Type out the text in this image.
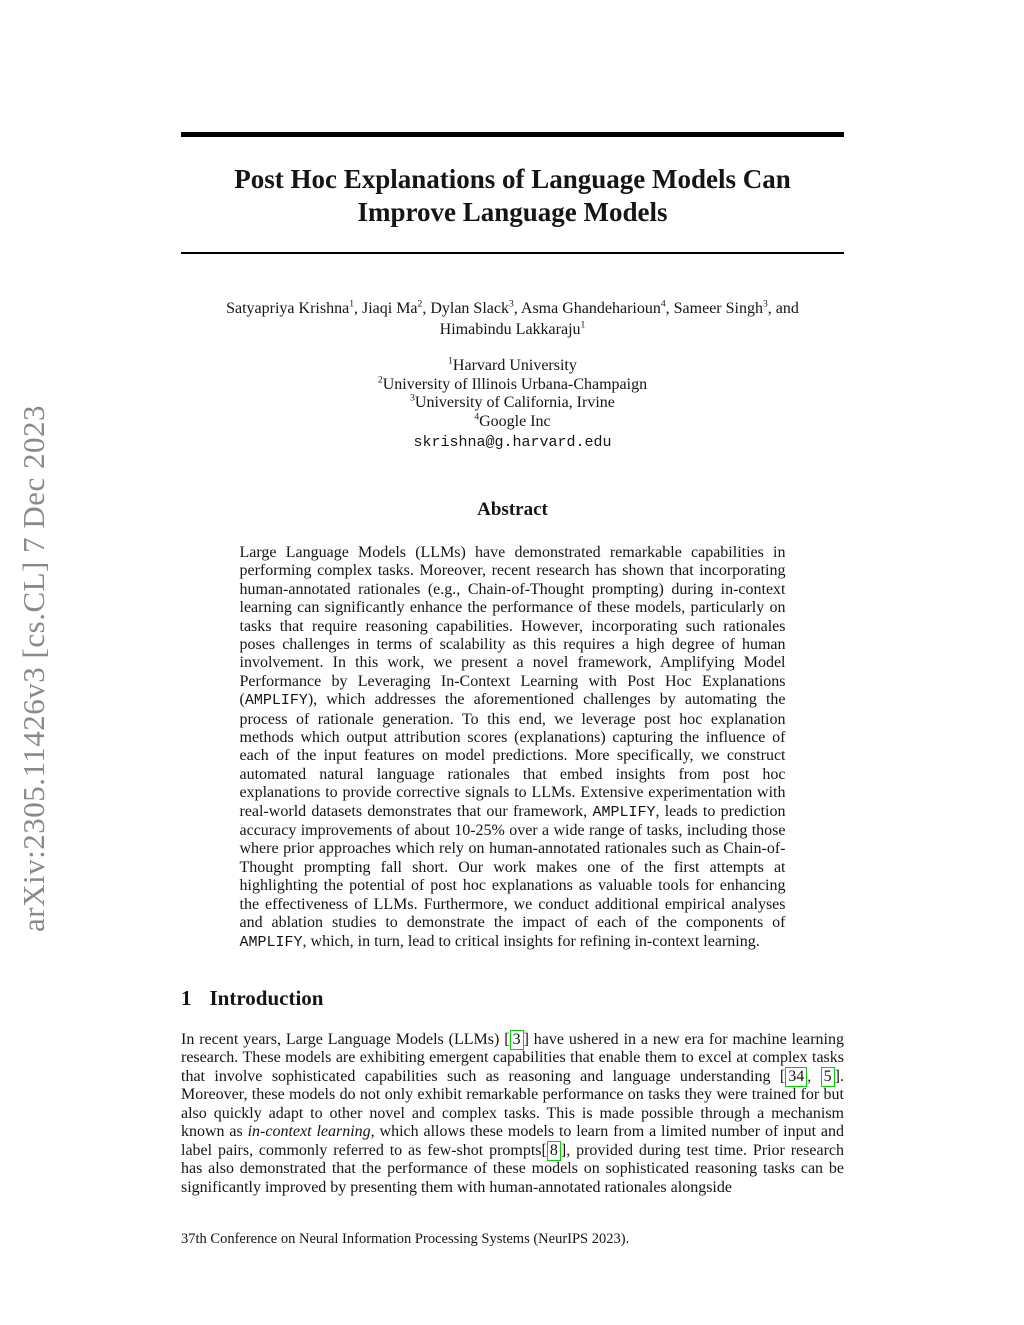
arXiv:2305.11426v3 [cs.CL] 7 Dec 2023
Post Hoc Explanations of Language Models Can
Improve Language Models

Satyapriya Krishna$^1$, Jiaqi Ma$^2$, Dylan Slack$^3$, Asma Ghandeharioun$^4$, Sameer Singh$^3$, and
Himabindu Lakkaraju$^1$

$^1$Harvard University
$^2$University of Illinois Urbana-Champaign
$^3$University of California, Irvine
$^4$Google Inc
skrishna@g.harvard.edu
Abstract

Large Language Models (LLMs) have demonstrated remarkable capabilities in performing complex tasks. Moreover, recent research has shown that incorporating human-annotated rationales (e.g., Chain-of-Thought prompting) during in-context learning can significantly enhance the performance of these models, particularly on tasks that require reasoning capabilities. However, incorporating such rationales poses challenges in terms of scalability as this requires a high degree of human involvement. In this work, we present a novel framework, Amplifying Model Performance by Leveraging In-Context Learning with Post Hoc Explanations (AMPLIFY), which addresses the aforementioned challenges by automating the process of rationale generation. To this end, we leverage post hoc explanation methods which output attribution scores (explanations) capturing the influence of each of the input features on model predictions. More specifically, we construct automated natural language rationales that embed insights from post hoc explanations to provide corrective signals to LLMs. Extensive experimentation with real-world datasets demonstrates that our framework, AMPLIFY, leads to prediction accuracy improvements of about 10-25% over a wide range of tasks, including those where prior approaches which rely on human-annotated rationales such as Chain-of-Thought prompting fall short. Our work makes one of the first attempts at highlighting the potential of post hoc explanations as valuable tools for enhancing the effectiveness of LLMs. Furthermore, we conduct additional empirical analyses and ablation studies to demonstrate the impact of each of the components of AMPLIFY, which, in turn, lead to critical insights for refining in-context learning.

1 Introduction

In recent years, Large Language Models (LLMs) [ 3 ] have ushered in a new era for machine learning research. These models are exhibiting emergent capabilities that enable them to excel at complex tasks that involve sophisticated capabilities such as reasoning and language understanding [ 34 , 5 ]. Moreover, these models do not only exhibit remarkable performance on tasks they were trained for but also quickly adapt to other novel and complex tasks. This is made possible through a mechanism known as in-context learning, which allows these models to learn from a limited number of input and label pairs, commonly referred to as few-shot prompts[ 8 ], provided during test time. Prior research has also demonstrated that the performance of these models on sophisticated reasoning tasks can be significantly improved by presenting them with human-annotated rationales alongside

37th Conference on Neural Information Processing Systems (NeurIPS 2023).
